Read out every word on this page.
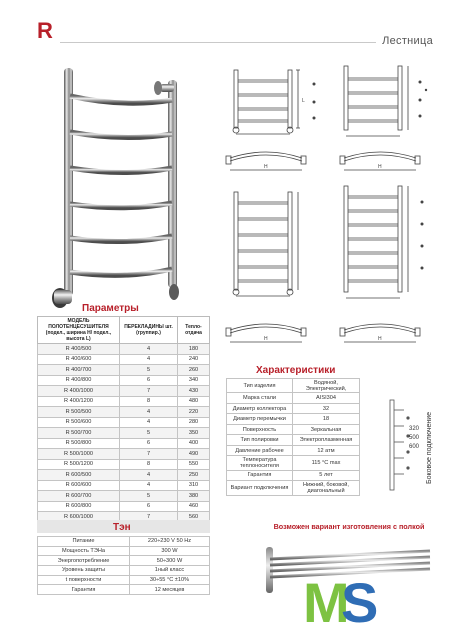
R	Лестница
L
H	H
H	H
Параметры
МОДЕЛЬ ПОЛОТЕНЦЕСУШИТЕЛЯ (подкл., ширина H/ подкл., высота L)	ПЕРЕКЛАДИНЫ шт. (группир.)	Тепло-отдача
R 400/500	4	180
R 400/600	4	240
R 400/700	5	260
R 400/800	6	340
R 400/1000	7	430
R 400/1200	8	480
R 500/500	4	220
R 500/600	4	280
R 500/700	5	350
R 500/800	6	400
R 500/1000	7	490
R 500/1200	8	550
R 600/500	4	250
R 600/600	4	310
R 600/700	5	380
R 600/800	6	460
R 600/1000	7	560

Тэн
Питание	220÷230 V 50 Hz
Мощность ТЭНа	300 W
Энергопотребление	50÷300 W
Уровень защиты	1ный класс
t поверхности	30÷55 °С ±10%
Гарантия	12 месяцев
Характеристики
Тип изделия	Водяной, Электрический,
Марка стали	AISI304
Диаметр коллектора	32
Диаметр перемычки	18
Поверхность	Зеркальная
Тип полировки	Электроплазменная
Давление рабочее	12 атм
Температура теплоносителя	115 °С max
Гарантия	5 лет
Вариант подключения	Нижний, боковой, диагональный
320
500
600 Боковое подключение
Возможен вариант изготовления с полкой
M
S
